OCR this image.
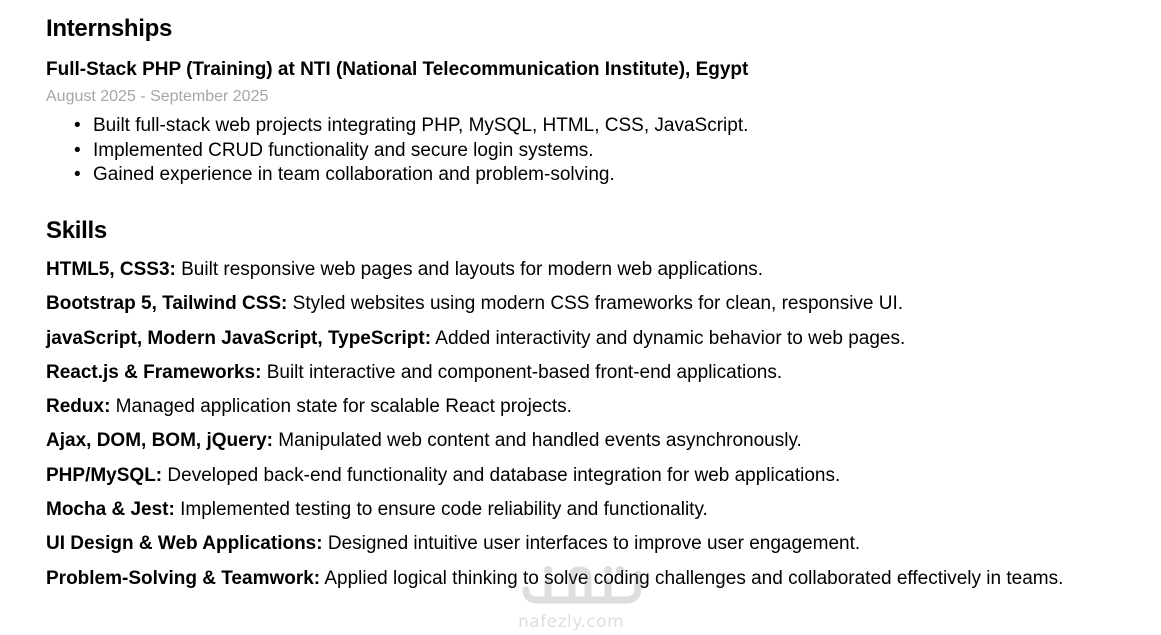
Internships
Full-Stack PHP (Training) at NTI (National Telecommunication Institute), Egypt
August 2025 - September 2025
• Built full-stack web projects integrating PHP, MySQL, HTML, CSS, JavaScript.
• Implemented CRUD functionality and secure login systems.
• Gained experience in team collaboration and problem-solving.
Skills

HTML5, CSS3: Built responsive web pages and layouts for modern web applications.

Bootstrap 5, Tailwind CSS: Styled websites using modern CSS frameworks for clean, responsive UI.

javaScript, Modern JavaScript, TypeScript: Added interactivity and dynamic behavior to web pages.

React.js & Frameworks: Built interactive and component-based front-end applications.

Redux: Managed application state for scalable React projects.

Ajax, DOM, BOM, jQuery: Manipulated web content and handled events asynchronously.

PHP/MySQL: Developed back-end functionality and database integration for web applications.

Mocha & Jest: Implemented testing to ensure code reliability and functionality.

UI Design & Web Applications: Designed intuitive user interfaces to improve user engagement.

Problem-Solving & Teamwork: Applied logical thinking to solve coding challenges and collaborated effectively in teams.

nafezly.com
